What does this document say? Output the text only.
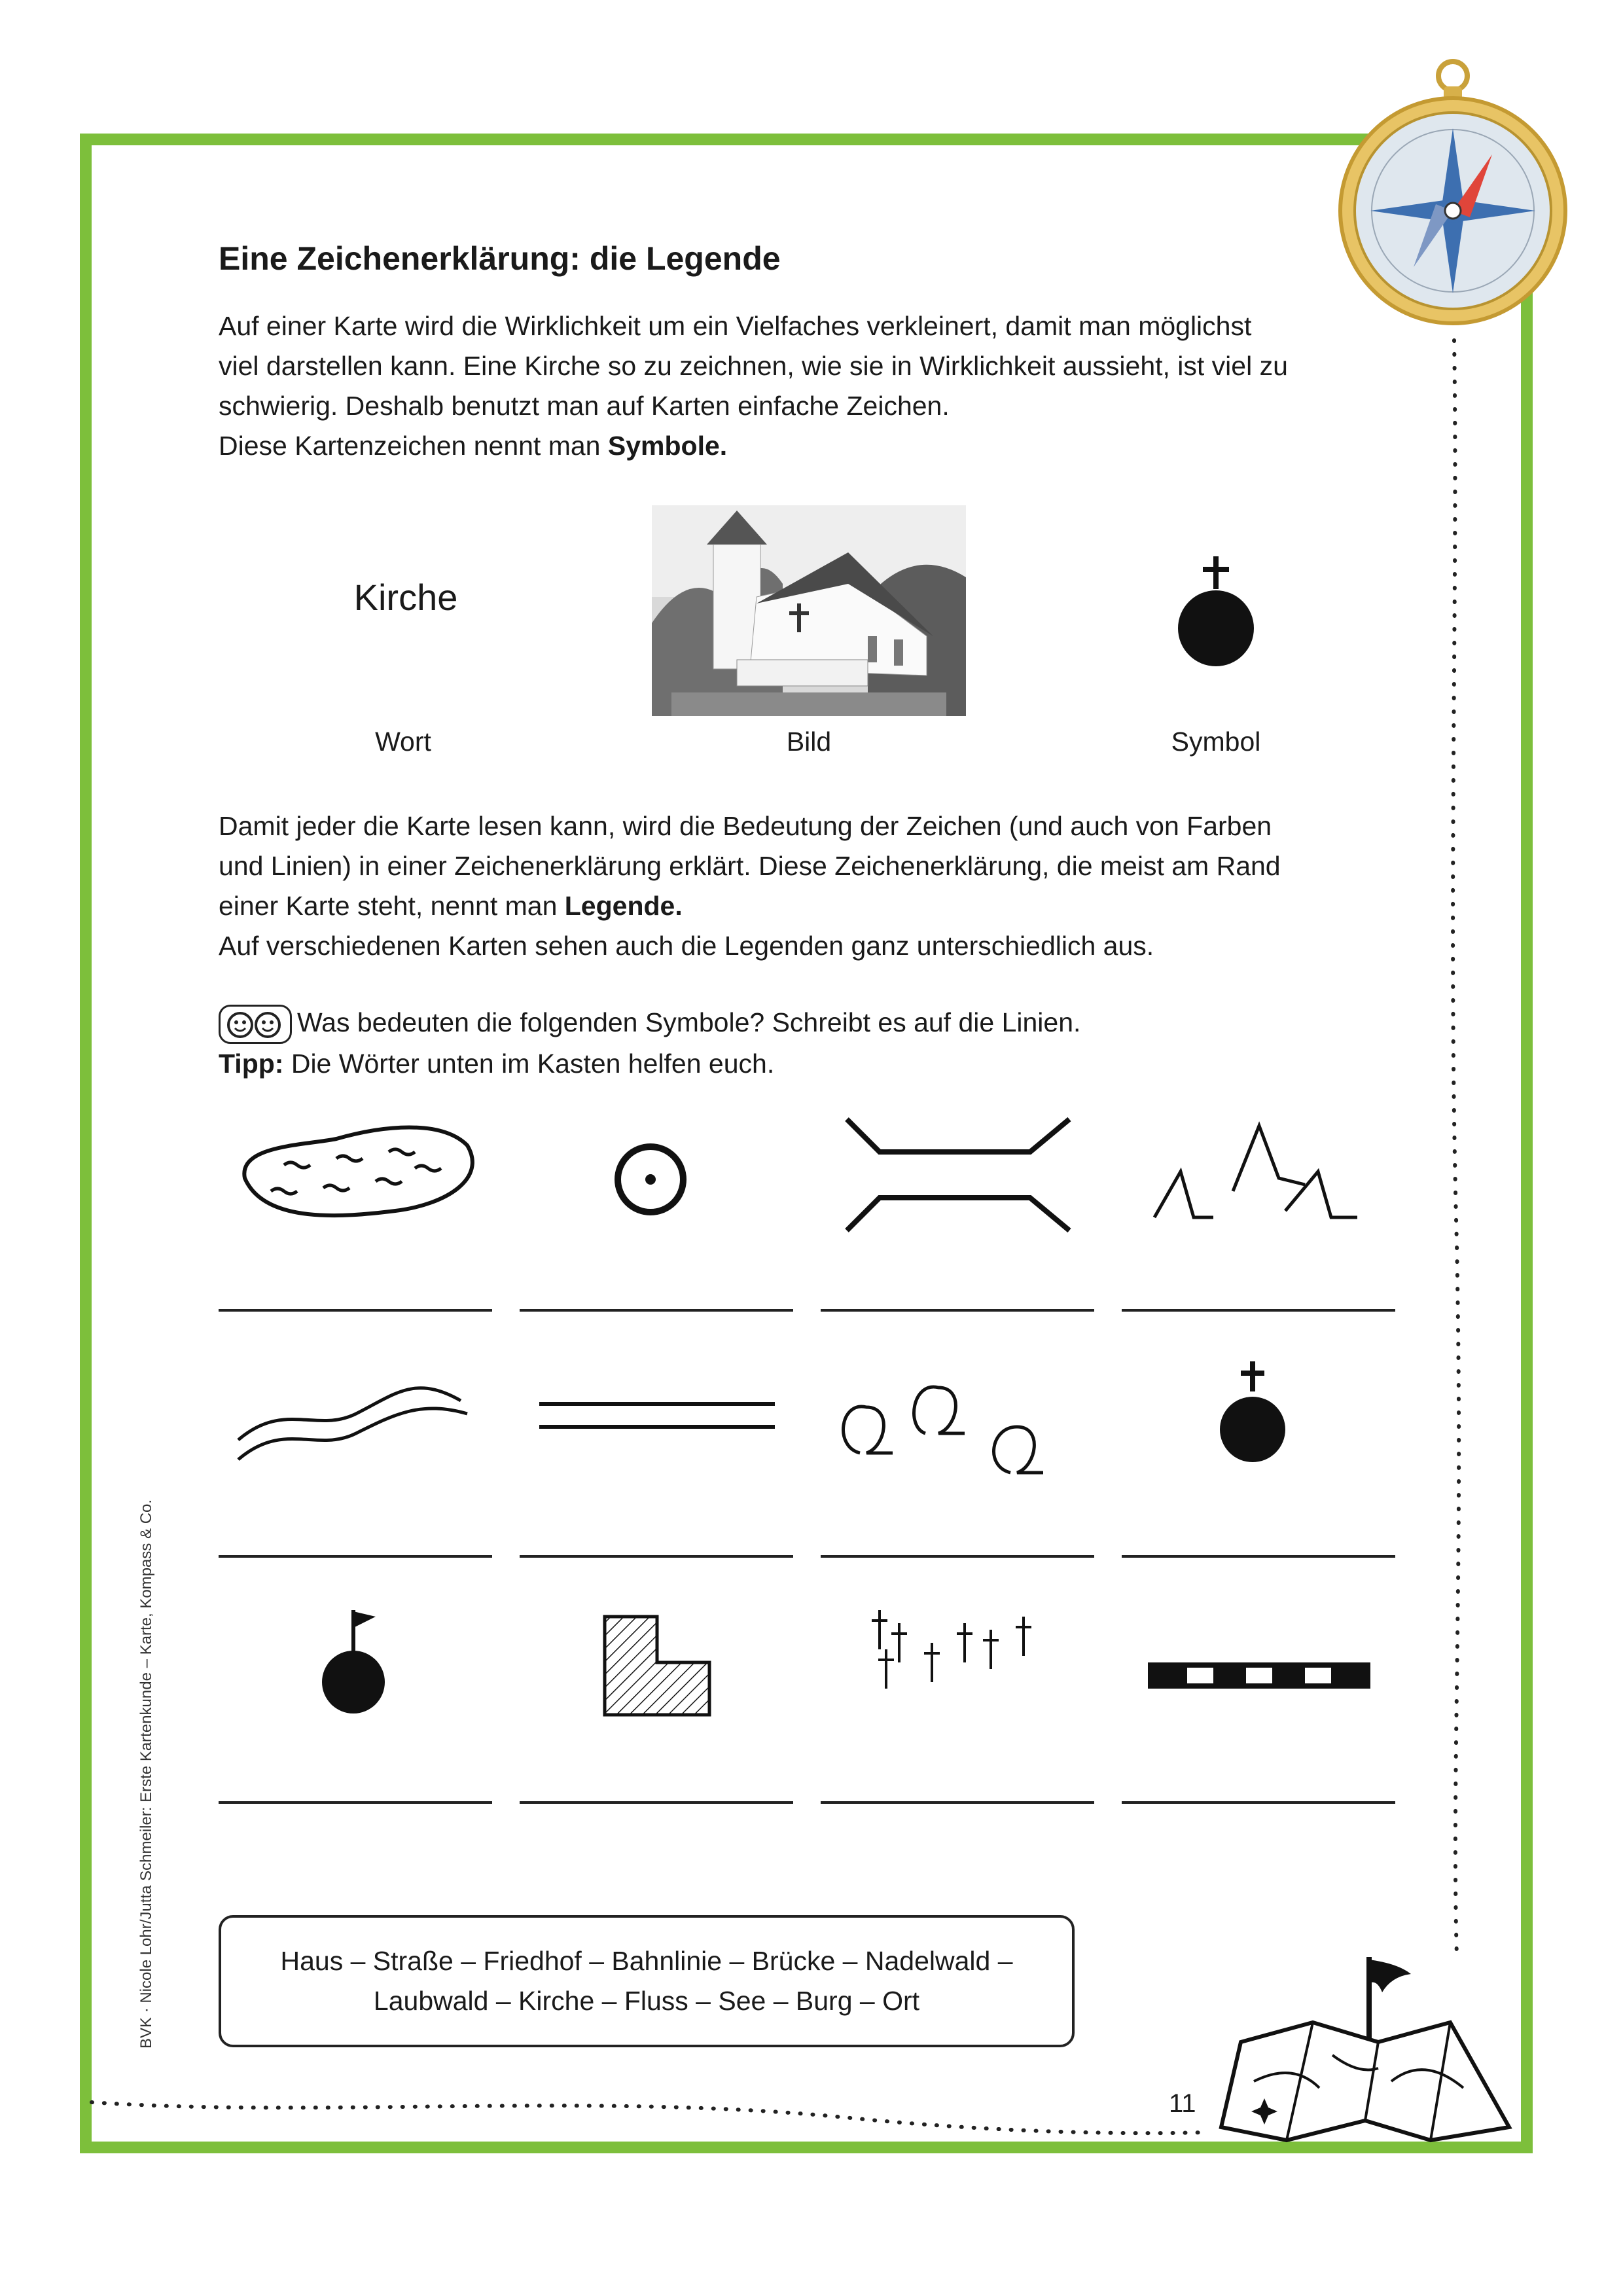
Eine Zeichenerklärung: die Legende

Auf einer Karte wird die Wirklichkeit um ein Vielfaches verkleinert, damit man möglichst

viel darstellen kann. Eine Kirche so zu zeichnen, wie sie in Wirklichkeit aussieht, ist viel zu

schwierig. Deshalb benutzt man auf Karten einfache Zeichen.

Diese Kartenzeichen nennt man Symbole.

Kirche
Wort	Bild	Symbol

Damit jeder die Karte lesen kann, wird die Bedeutung der Zeichen (und auch von Farben

und Linien) in einer Zeichenerklärung erklärt. Diese Zeichenerklärung, die meist am Rand

einer Karte steht, nennt man Legende.

Auf verschiedenen Karten sehen auch die Legenden ganz unterschiedlich aus.

Was bedeuten die folgenden Symbole? Schreibt es auf die Linien.
Tipp: Die Wörter unten im Kasten helfen euch.
Haus – Straße – Friedhof – Bahnlinie – Brücke – Nadelwald –
Laubwald – Kirche – Fluss – See – Burg – Ort
BVK · Nicole Lohr/Jutta Schmeiler: Erste Kartenkunde – Karte, Kompass & Co.
11
